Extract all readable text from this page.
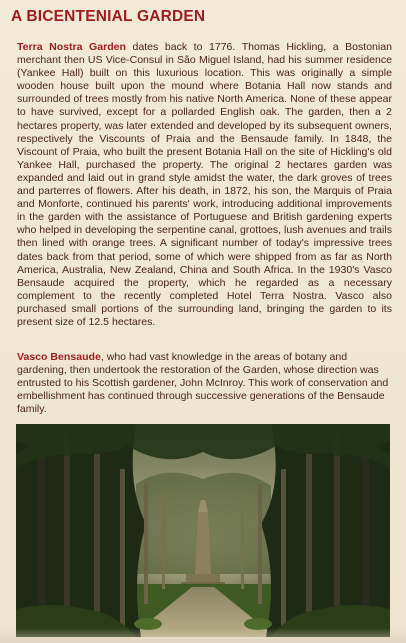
A BICENTENIAL GARDEN
Terra Nostra Garden dates back to 1776. Thomas Hickling, a Bostonian merchant then US Vice-Consul in São Miguel Island, had his summer residence (Yankee Hall) built on this luxurious location. This was originally a simple wooden house built upon the mound where Botania Hall now stands and surrounded of trees mostly from his native North America. None of these appear to have survived, except for a pollarded English oak. The garden, then a 2 hectares property, was later extended and developed by its subsequent owners, respectively the Viscounts of Praia and the Bensaude family. In 1848, the Viscount of Praia, who built the present Botania Hall on the site of Hickling's old Yankee Hall, purchased the property. The original 2 hectares garden was expanded and laid out in grand style amidst the water, the dark groves of trees and parterres of flowers. After his death, in 1872, his son, the Marquis of Praia and Monforte, continued his parents' work, introducing additional improvements in the garden with the assistance of Portuguese and British gardening experts who helped in developing the serpentine canal, grottoes, lush avenues and trails then lined with orange trees. A significant number of today's impressive trees dates back from that period, some of which were shipped from as far as North America, Australia, New Zealand, China and South Africa. In the 1930's Vasco Bensaude acquired the property, which he regarded as a necessary complement to the recently completed Hotel Terra Nostra. Vasco also purchased small portions of the surrounding land, bringing the garden to its present size of 12.5 hectares.
Vasco Bensaude, who had vast knowledge in the areas of botany and gardening, then undertook the restoration of the Garden, whose direction was entrusted to his Scottish gardener, John McInroy. This work of conservation and embellishment has continued through successive generations of the Bensaude family.
